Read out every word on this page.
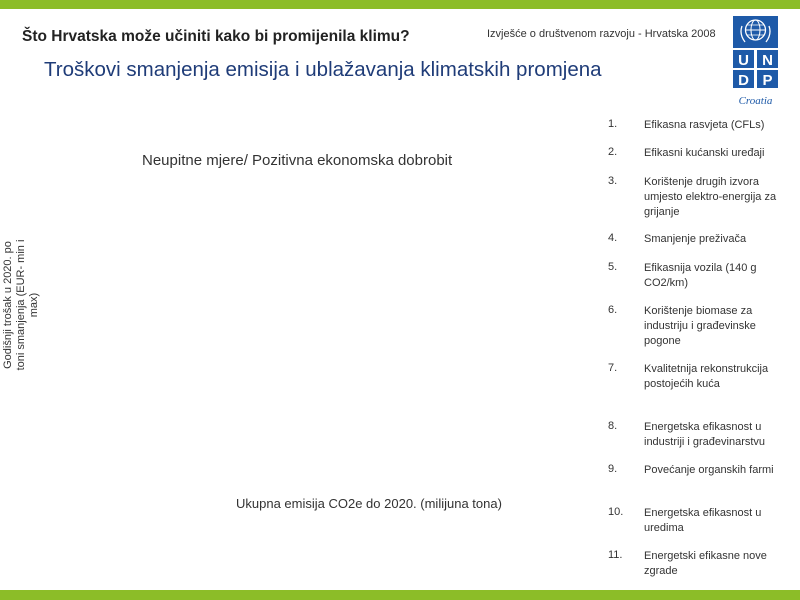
Što Hrvatska može učiniti kako bi promijenila klimu?	Izvješće o društvenom razvoju - Hrvatska 2008
Troškovi smanjenja emisija i ublažavanja klimatskih promjena	U N
D P
Croatia
Godišnji trošak u 2020. po toni smanjenja (EUR- min i max)
Neupitne mjere/ Pozitivna ekonomska dobrobit
Ukupna emisija CO2e do 2020. (milijuna tona)
1. Efikasna rasvjeta (CFLs)
2. Efikasni kućanski uređaji
3. Korištenje drugih izvora umjesto elektro-energija za grijanje
4. Smanjenje preživača
5. Efikasnija vozila (140 g CO2/km)
6. Korištenje biomase za industriju i građevinske pogone
7. Kvalitetnija rekonstrukcija postojećih kuća
8. Energetska efikasnost u industriji i građevinarstvu
9. Povećanje organskih farmi
10. Energetska efikasnost u uredima
11. Energetski efikasne nove zgrade
